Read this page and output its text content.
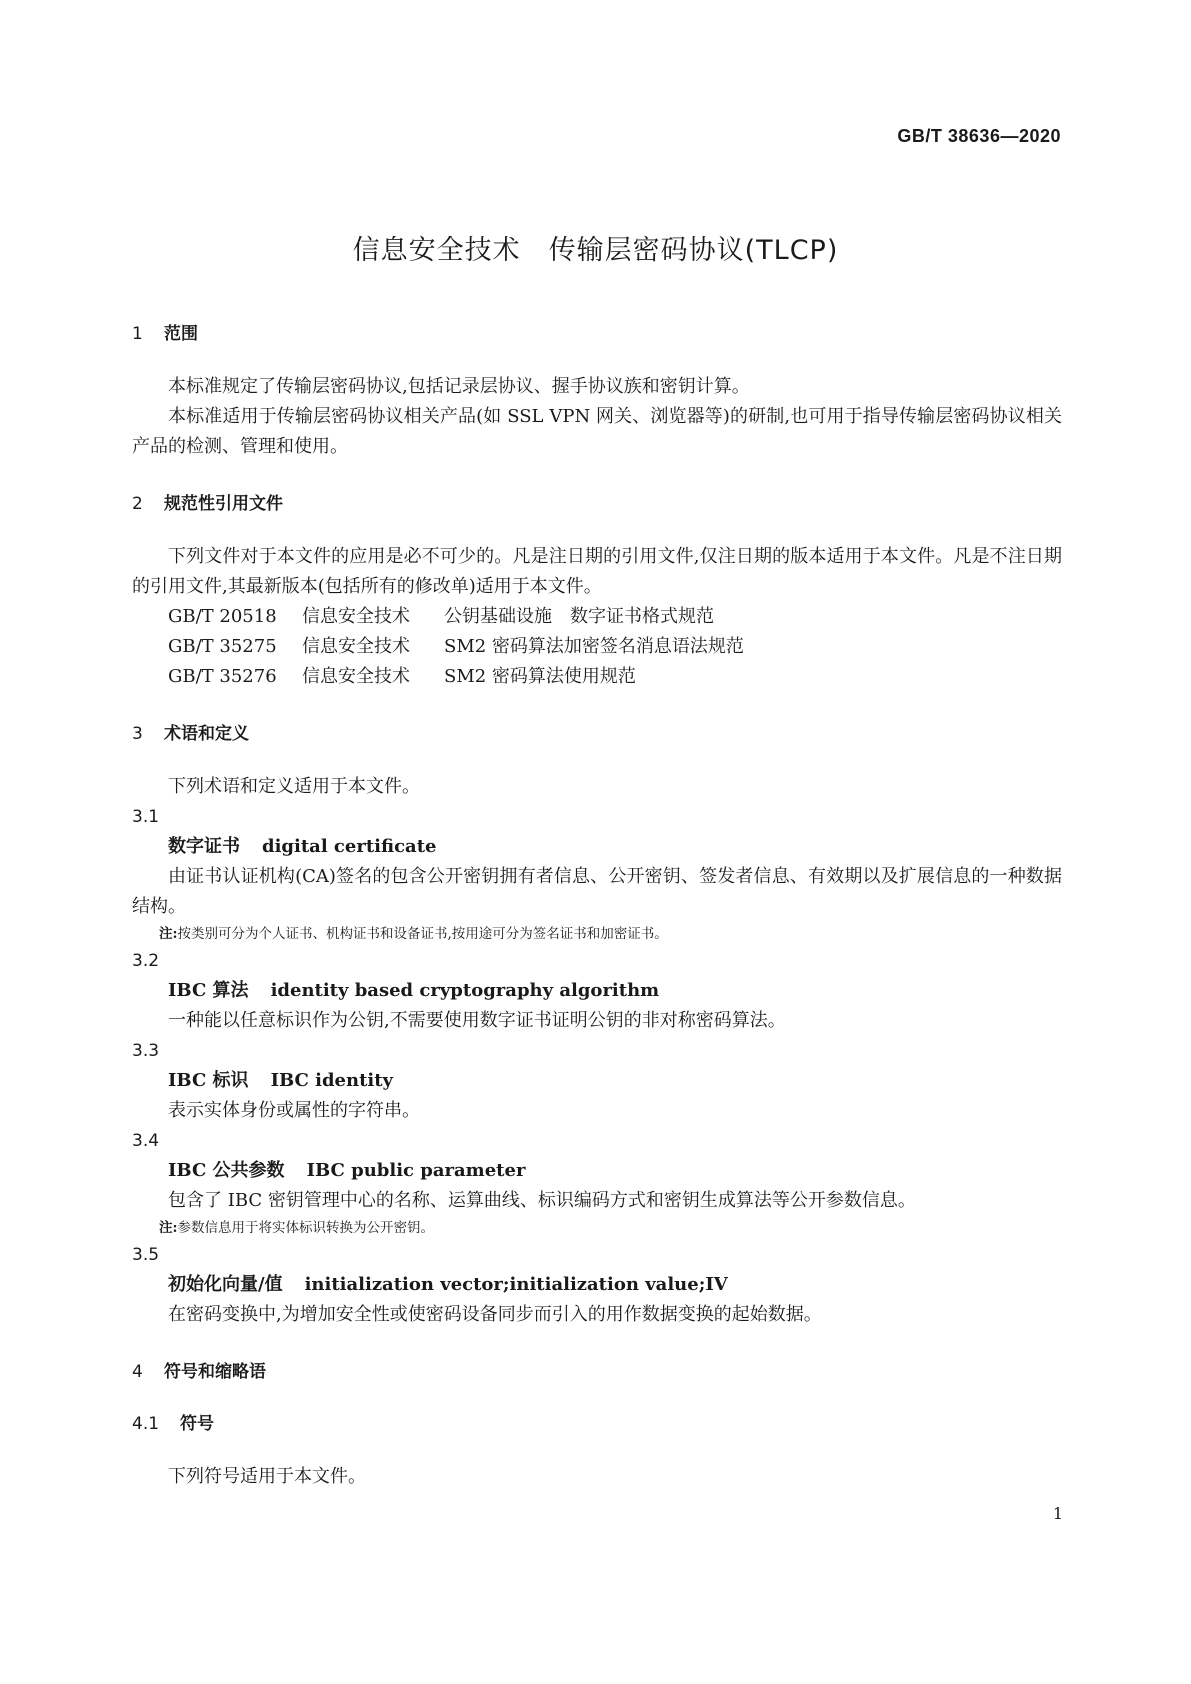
GB/T 38636—2020
信息安全技术　传输层密码协议(TLCP)
1 范围

本标准规定了传输层密码协议,包括记录层协议、握手协议族和密钥计算。

本标准适用于传输层密码协议相关产品(如 SSL VPN 网关、浏览器等)的研制,也可用于指导传输层密码协议相关产品的检测、管理和使用。

2 规范性引用文件

下列文件对于本文件的应用是必不可少的。凡是注日期的引用文件,仅注日期的版本适用于本文件。凡是不注日期的引用文件,其最新版本(包括所有的修改单)适用于本文件。

GB/T 20518 信息安全技术 公钥基础设施　数字证书格式规范

GB/T 35275 信息安全技术 SM2 密码算法加密签名消息语法规范

GB/T 35276 信息安全技术 SM2 密码算法使用规范

3 术语和定义

下列术语和定义适用于本文件。

3.1

数字证书 digital certificate

由证书认证机构(CA)签名的包含公开密钥拥有者信息、公开密钥、签发者信息、有效期以及扩展信息的一种数据结构。

注:按类别可分为个人证书、机构证书和设备证书,按用途可分为签名证书和加密证书。

3.2

IBC 算法 identity based cryptography algorithm

一种能以任意标识作为公钥,不需要使用数字证书证明公钥的非对称密码算法。

3.3

IBC 标识 IBC identity

表示实体身份或属性的字符串。

3.4

IBC 公共参数 IBC public parameter

包含了 IBC 密钥管理中心的名称、运算曲线、标识编码方式和密钥生成算法等公开参数信息。

注:参数信息用于将实体标识转换为公开密钥。

3.5

初始化向量/值 initialization vector;initialization value;IV

在密码变换中,为增加安全性或使密码设备同步而引入的用作数据变换的起始数据。

4 符号和缩略语
4.1 符号

下列符号适用于本文件。

1
